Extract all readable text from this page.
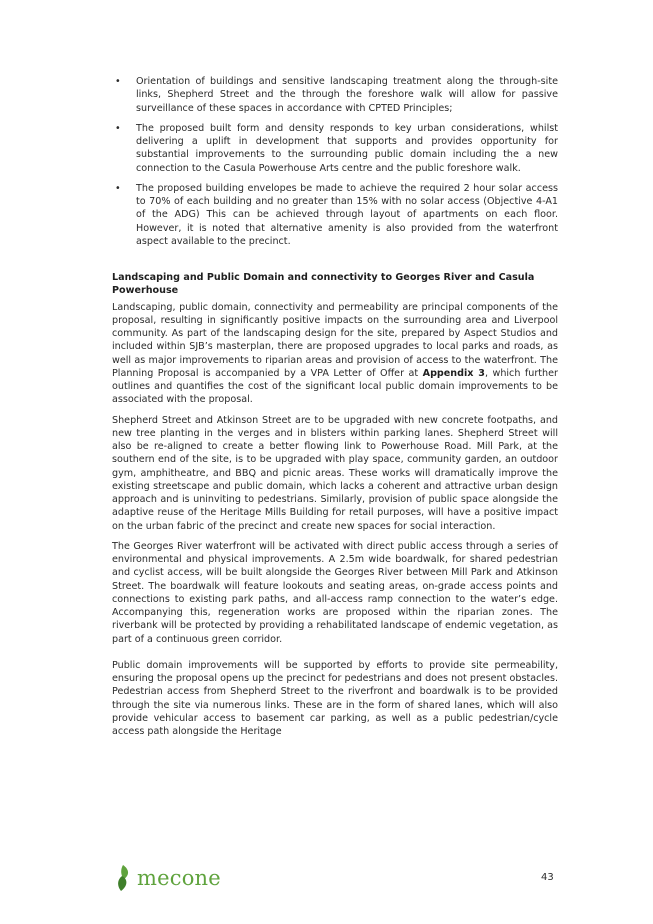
• Orientation of buildings and sensitive landscaping treatment along the through-site links, Shepherd Street and the through the foreshore walk will allow for passive surveillance of these spaces in accordance with CPTED Principles;
• The proposed built form and density responds to key urban considerations, whilst delivering a uplift in development that supports and provides opportunity for substantial improvements to the surrounding public domain including the a new connection to the Casula Powerhouse Arts centre and the public foreshore walk.
• The proposed building envelopes be made to achieve the required 2 hour solar access to 70% of each building and no greater than 15% with no solar access (Objective 4-A1 of the ADG) This can be achieved through layout of apartments on each floor. However, it is noted that alternative amenity is also provided from the waterfront aspect available to the precinct.
Landscaping and Public Domain and connectivity to Georges River and Casula Powerhouse

Landscaping, public domain, connectivity and permeability are principal components of the proposal, resulting in significantly positive impacts on the surrounding area and Liverpool community. As part of the landscaping design for the site, prepared by Aspect Studios and included within SJB’s masterplan, there are proposed upgrades to local parks and roads, as well as major improvements to riparian areas and provision of access to the waterfront. The Planning Proposal is accompanied by a VPA Letter of Offer at Appendix 3, which further outlines and quantifies the cost of the significant local public domain improvements to be associated with the proposal.

Shepherd Street and Atkinson Street are to be upgraded with new concrete footpaths, and new tree planting in the verges and in blisters within parking lanes. Shepherd Street will also be re-aligned to create a better flowing link to Powerhouse Road. Mill Park, at the southern end of the site, is to be upgraded with play space, community garden, an outdoor gym, amphitheatre, and BBQ and picnic areas. These works will dramatically improve the existing streetscape and public domain, which lacks a coherent and attractive urban design approach and is uninviting to pedestrians. Similarly, provision of public space alongside the adaptive reuse of the Heritage Mills Building for retail purposes, will have a positive impact on the urban fabric of the precinct and create new spaces for social interaction.

The Georges River waterfront will be activated with direct public access through a series of environmental and physical improvements. A 2.5m wide boardwalk, for shared pedestrian and cyclist access, will be built alongside the Georges River between Mill Park and Atkinson Street. The boardwalk will feature lookouts and seating areas, on-grade access points and connections to existing park paths, and all-access ramp connection to the water’s edge. Accompanying this, regeneration works are proposed within the riparian zones. The riverbank will be protected by providing a rehabilitated landscape of endemic vegetation, as part of a continuous green corridor.

Public domain improvements will be supported by efforts to provide site permeability, ensuring the proposal opens up the precinct for pedestrians and does not present obstacles. Pedestrian access from Shepherd Street to the riverfront and boardwalk is to be provided through the site via numerous links. These are in the form of shared lanes, which will also provide vehicular access to basement car parking, as well as a public pedestrian/cycle access path alongside the Heritage

mecone	43
